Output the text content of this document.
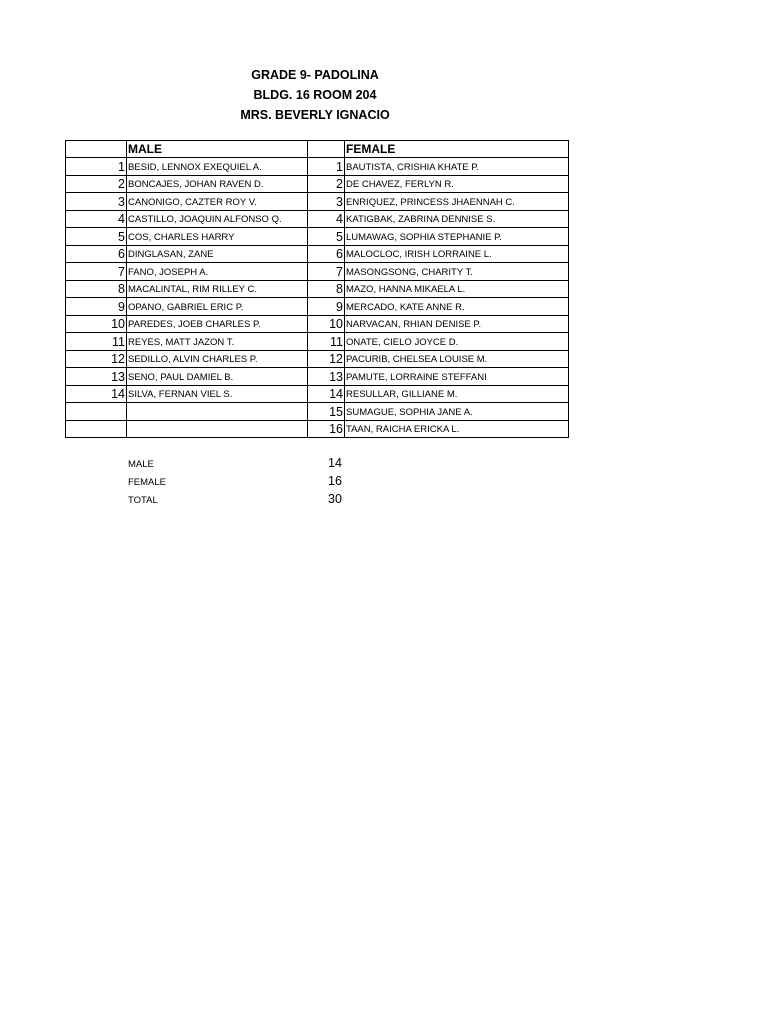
GRADE 9- PADOLINA
BLDG. 16 ROOM 204
MRS. BEVERLY IGNACIO
	MALE		FEMALE
1	BESID, LENNOX EXEQUIEL A.	1	BAUTISTA, CRISHIA KHATE P.
2	BONCAJES, JOHAN RAVEN D.	2	DE CHAVEZ, FERLYN R.
3	CANONIGO, CAZTER ROY V.	3	ENRIQUEZ, PRINCESS JHAENNAH C.
4	CASTILLO, JOAQUIN ALFONSO Q.	4	KATIGBAK, ZABRINA DENNISE S.
5	COS, CHARLES HARRY	5	LUMAWAG, SOPHIA STEPHANIE P.
6	DINGLASAN, ZANE	6	MALOCLOC, IRISH LORRAINE L.
7	FANO, JOSEPH A.	7	MASONGSONG, CHARITY T.
8	MACALINTAL, RIM RILLEY C.	8	MAZO, HANNA MIKAELA L.
9	OPANO, GABRIEL ERIC P.	9	MERCADO, KATE ANNE R.
10	PAREDES, JOEB CHARLES P.	10	NARVACAN, RHIAN DENISE P.
11	REYES, MATT JAZON T.	11	ONATE, CIELO JOYCE D.
12	SEDILLO, ALVIN CHARLES P.	12	PACURIB, CHELSEA LOUISE M.
13	SENO, PAUL DAMIEL B.	13	PAMUTE, LORRAINE STEFFANI
14	SILVA, FERNAN VIEL S.	14	RESULLAR, GILLIANE M.
		15	SUMAGUE, SOPHIA JANE A.
		16	TAAN, RAICHA ERICKA L.
MALE	14
FEMALE	16
TOTAL	30
